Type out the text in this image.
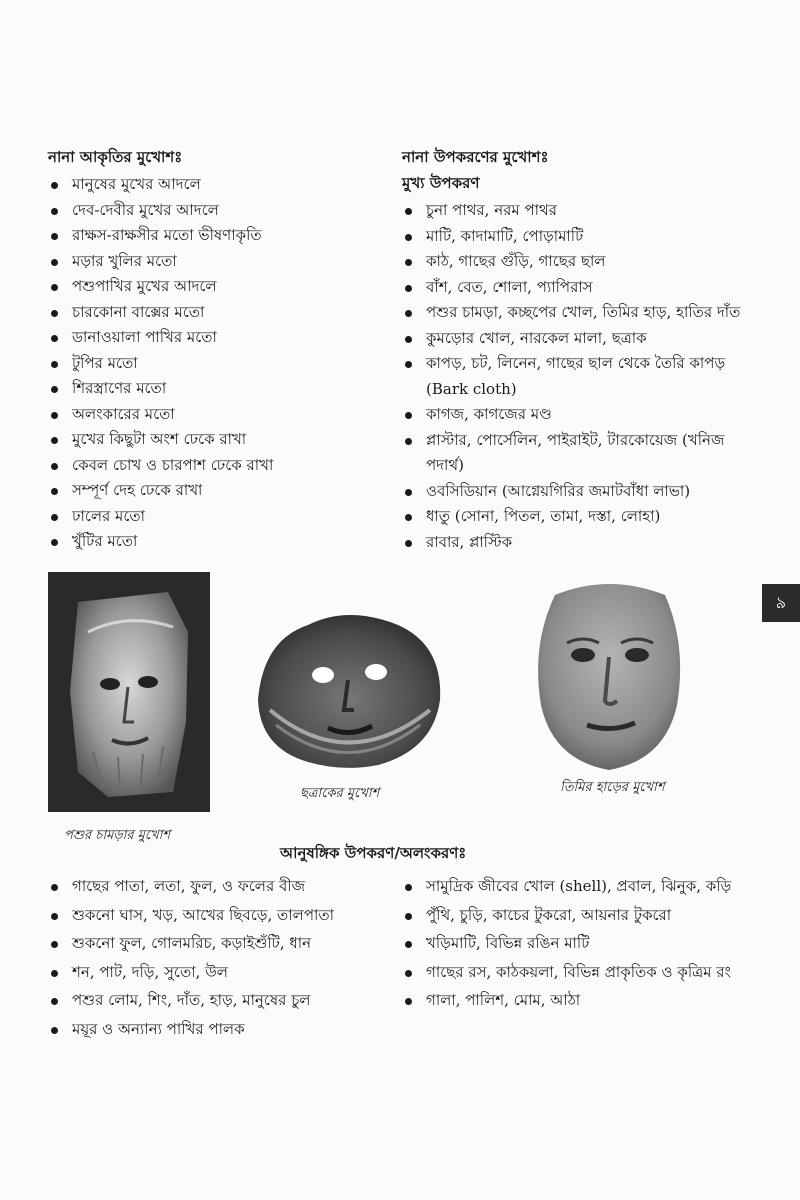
নানা আকৃতির মুখোশঃ
মানুষের মুখের আদলে
দেব-দেবীর মুখের আদলে
রাক্ষস-রাক্ষসীর মতো ভীষণাকৃতি
মড়ার খুলির মতো
পশুপাখির মুখের আদলে
চারকোনা বাক্সের মতো
ডানাওয়ালা পাখির মতো
টুপির মতো
শিরস্ত্রাণের মতো
অলংকারের মতো
মুখের কিছুটা অংশ ঢেকে রাখা
কেবল চোখ ও চারপাশ ঢেকে রাখা
সম্পূর্ণ দেহ ঢেকে রাখা
ঢালের মতো
খুঁটির মতো
নানা উপকরণের মুখোশঃ
মুখ্য উপকরণ
চুনা পাথর, নরম পাথর
মাটি, কাদামাটি, পোড়ামাটি
কাঠ, গাছের গুঁড়ি, গাছের ছাল
বাঁশ, বেত, শোলা, প্যাপিরাস
পশুর চামড়া, কচ্ছপের খোল, তিমির হাড়, হাতির দাঁত
কুমড়োর খোল, নারকেল মালা, ছত্রাক
কাপড়, চট, লিনেন, গাছের ছাল থেকে তৈরি কাপড় (Bark cloth)
কাগজ, কাগজের মণ্ড
প্লাস্টার, পোর্সেলিন, পাইরাইট, টারকোয়েজ (খনিজ পদার্থ)
ওবসিডিয়ান (আগ্নেয়গিরির জমাটবাঁধা লাভা)
ধাতু (সোনা, পিতল, তামা, দস্তা, লোহা)
রাবার, প্লাস্টিক
৯
পশুর চামড়ার মুখোশ
ছত্রাকের মুখোশ	তিমির হাড়ের মুখোশ
আনুষঙ্গিক উপকরণ/অলংকরণঃ
গাছের পাতা, লতা, ফুল, ও ফলের বীজ
শুকনো ঘাস, খড়, আখের ছিবড়ে, তালপাতা
শুকনো ফুল, গোলমরিচ, কড়াইশুঁটি, ধান
শন, পাট, দড়ি, সুতো, উল
পশুর লোম, শিং, দাঁত, হাড়, মানুষের চুল
ময়ূর ও অন্যান্য পাখির পালক
সামুদ্রিক জীবের খোল (shell), প্রবাল, ঝিনুক, কড়ি
পুঁথি, চুড়ি, কাচের টুকরো, আয়নার টুকরো
খড়িমাটি, বিভিন্ন রঙিন মাটি
গাছের রস, কাঠকয়লা, বিভিন্ন প্রাকৃতিক ও কৃত্রিম রং
গালা, পালিশ, মোম, আঠা
